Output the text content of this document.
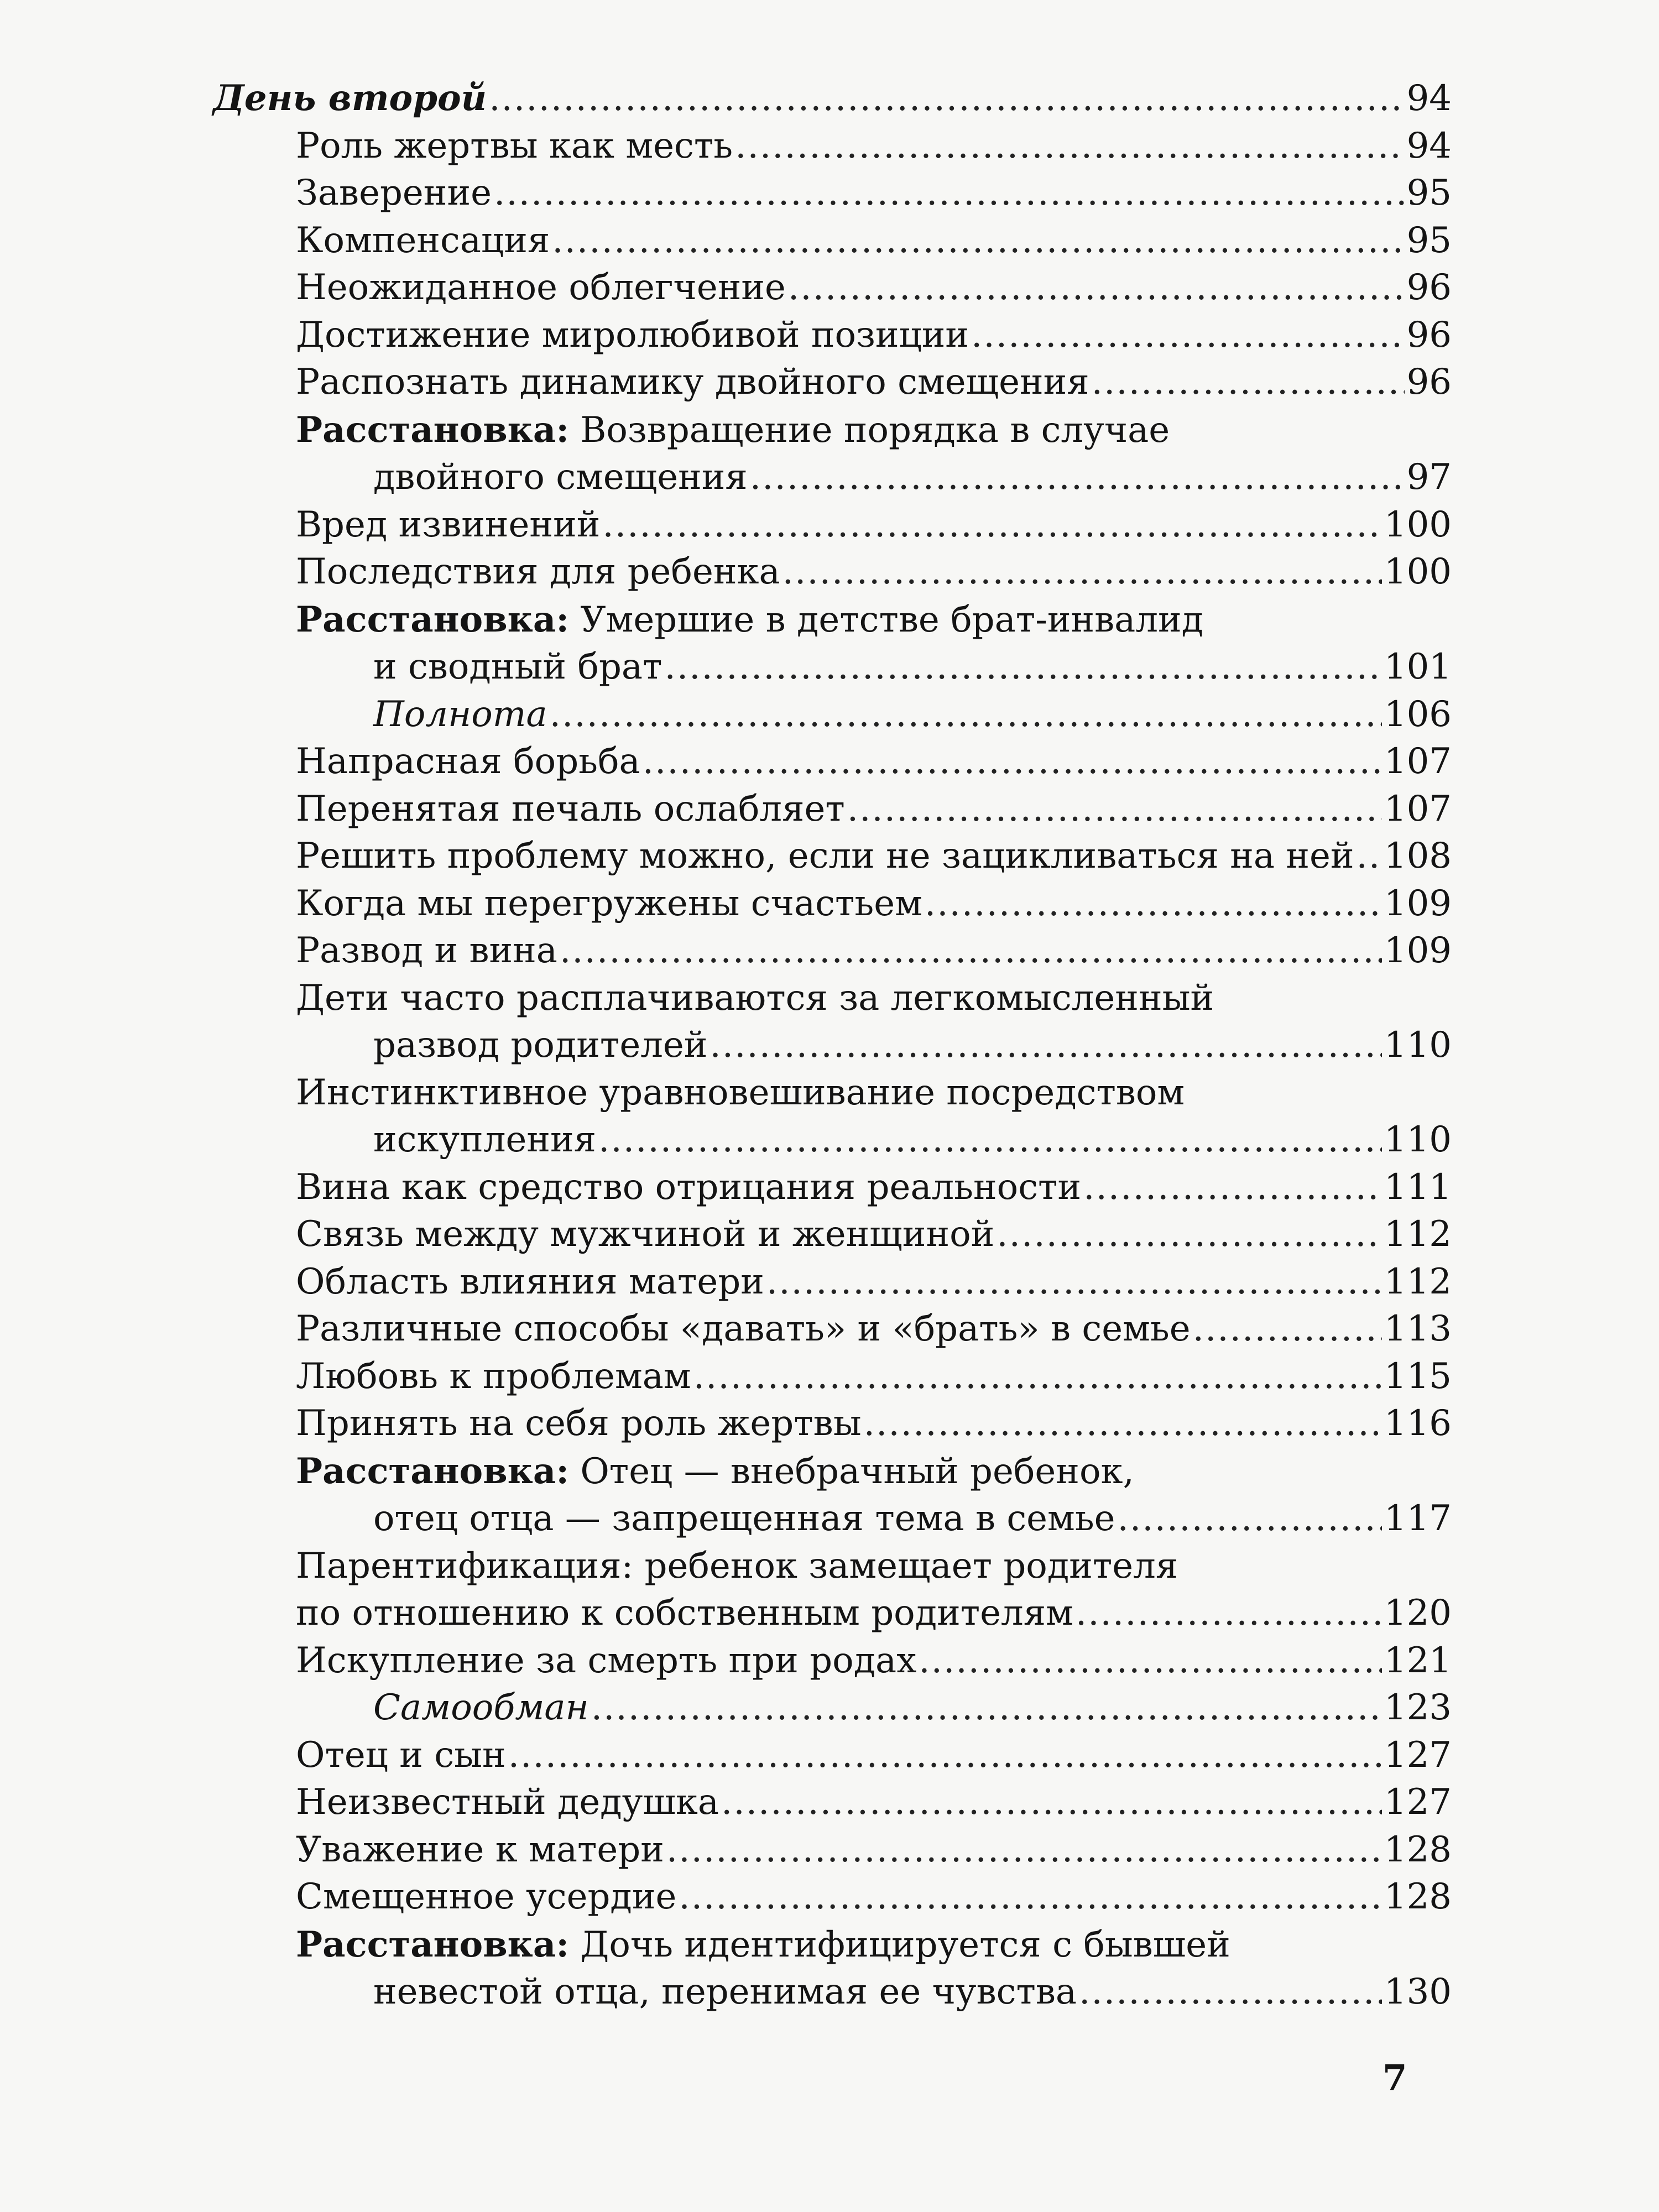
День второй .....	94
Роль жертвы как месть .....	94
Заверение .....	95
Компенсация .....	95
Неожиданное облегчение .....	96
Достижение миролюбивой позиции .....	96
Распознать динамику двойного смещения .....	96
Расстановка: Возвращение порядка в случае
двойного смещения .....	97
Вред извинений .....	100
Последствия для ребенка .....	100
Расстановка: Умершие в детстве брат-инвалид
и сводный брат .....	101
Полнота .....	106
Напрасная борьба .....	107
Перенятая печаль ослабляет .....	107
Решить проблему можно, если не зацикливаться на ней ..... 108
Когда мы перегружены счастьем .....	109
Развод и вина .....	109
Дети часто расплачиваются за легкомысленный
развод родителей .....	110
Инстинктивное уравновешивание посредством
искупления .....	110
Вина как средство отрицания реальности .....	111
Связь между мужчиной и женщиной .....	112
Область влияния матери .....	112
Различные способы «давать» и «брать» в семье .....	113
Любовь к проблемам .....	115
Принять на себя роль жертвы .....	116
Расстановка: Отец — внебрачный ребенок,
отец отца — запрещенная тема в семье .....	117
Парентификация: ребенок замещает родителя
по отношению к собственным родителям .....	120
Искупление за смерть при родах .....	121
Самообман .....	123
Отец и сын .....	127
Неизвестный дедушка .....	127
Уважение к матери .....	128
Смещенное усердие .....	128
Расстановка: Дочь идентифицируется с бывшей
невестой отца, перенимая ее чувства .....	130
7
